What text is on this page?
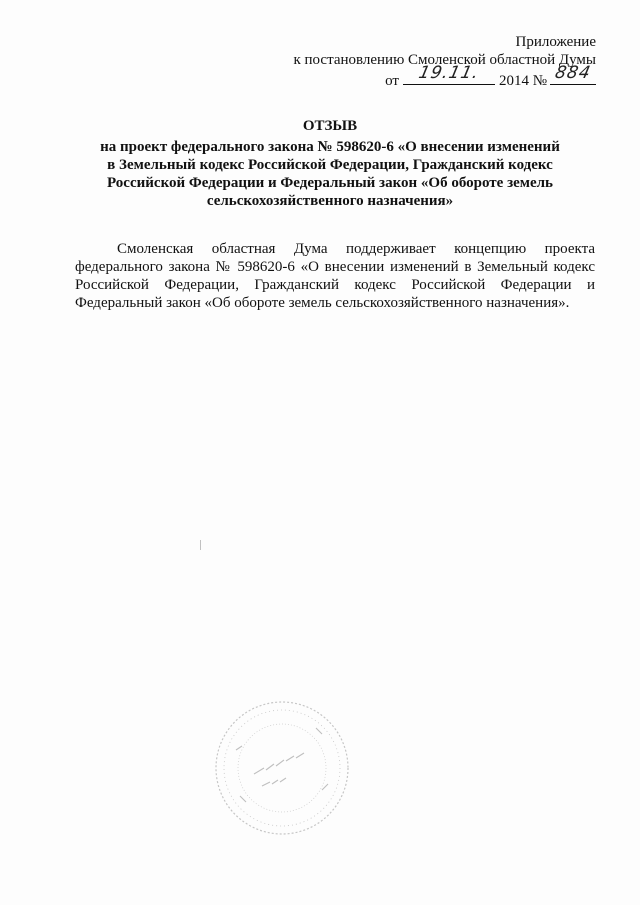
Приложение
к постановлению Смоленской областной Думы
от	19.11.	2014 № 884
ОТЗЫВ
на проект федерального закона № 598620-6 «О внесении изменений
в Земельный кодекс Российской Федерации, Гражданский кодекс
Российской Федерации и Федеральный закон «Об обороте земель
сельскохозяйственного назначения»
Смоленская областная Дума поддерживает концепцию проекта федерального закона № 598620-6 «О внесении изменений в Земельный кодекс Российской Федерации, Гражданский кодекс Российской Федерации и Федеральный закон «Об обороте земель сельскохозяйственного назначения».
